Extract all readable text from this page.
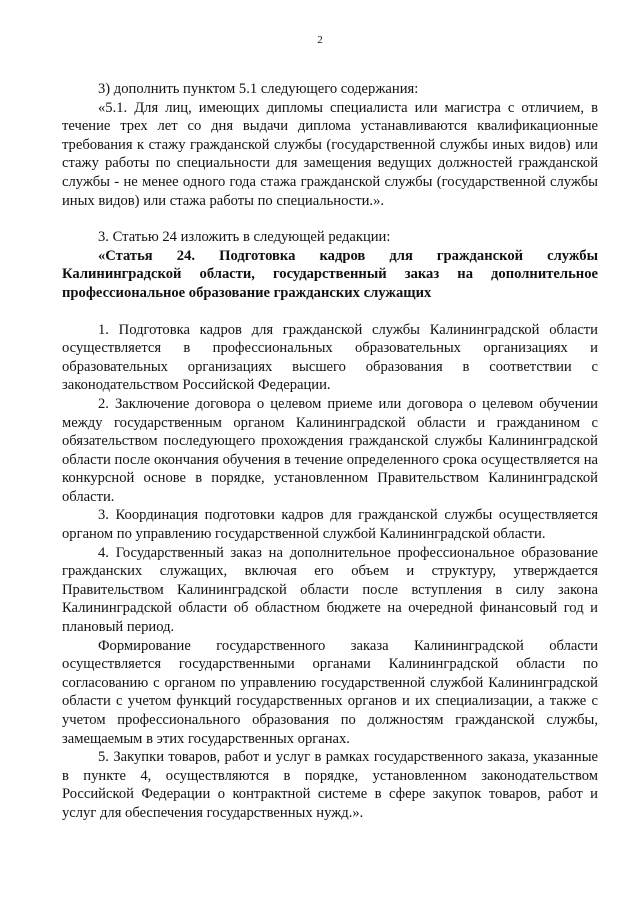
2

3) дополнить пунктом 5.1 следующего содержания:

«5.1. Для лиц, имеющих дипломы специалиста или магистра с отличием, в течение трех лет со дня выдачи диплома устанавливаются квалификационные требования к стажу гражданской службы (государственной службы иных видов) или стажу работы по специальности для замещения ведущих должностей гражданской службы - не менее одного года стажа гражданской службы (государственной службы иных видов) или стажа работы по специальности.».

3. Статью 24 изложить в следующей редакции:

«Статья 24. Подготовка кадров для гражданской службы Калининградской области, государственный заказ на дополнительное профессиональное образование гражданских служащих

1. Подготовка кадров для гражданской службы Калининградской области осуществляется в профессиональных образовательных организациях и образовательных организациях высшего образования в соответствии с законодательством Российской Федерации.

2. Заключение договора о целевом приеме или договора о целевом обучении между государственным органом Калининградской области и гражданином с обязательством последующего прохождения гражданской службы Калининградской области после окончания обучения в течение определенного срока осуществляется на конкурсной основе в порядке, установленном Правительством Калининградской области.

3. Координация подготовки кадров для гражданской службы осуществляется органом по управлению государственной службой Калининградской области.

4. Государственный заказ на дополнительное профессиональное образование гражданских служащих, включая его объем и структуру, утверждается Правительством Калининградской области после вступления в силу закона Калининградской области об областном бюджете на очередной финансовый год и плановый период.

Формирование государственного заказа Калининградской области осуществляется государственными органами Калининградской области по согласованию с органом по управлению государственной службой Калининградской области с учетом функций государственных органов и их специализации, а также с учетом профессионального образования по должностям гражданской службы, замещаемым в этих государственных органах.

5. Закупки товаров, работ и услуг в рамках государственного заказа, указанные в пункте 4, осуществляются в порядке, установленном законодательством Российской Федерации о контрактной системе в сфере закупок товаров, работ и услуг для обеспечения государственных нужд.».
